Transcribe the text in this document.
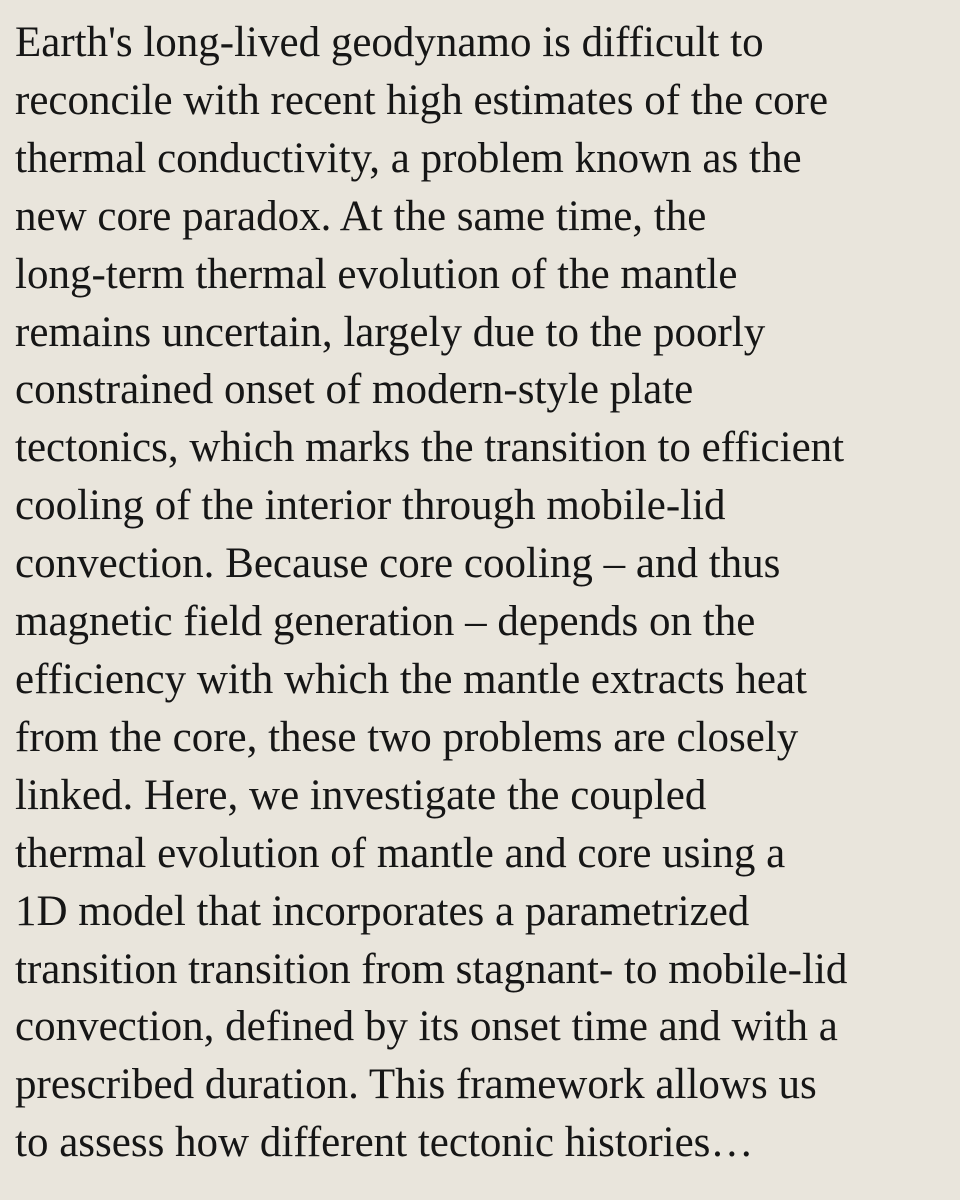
Earth's long-lived geodynamo is difficult to
reconcile with recent high estimates of the core
thermal conductivity, a problem known as the
new core paradox. At the same time, the
long-term thermal evolution of the mantle
remains uncertain, largely due to the poorly
constrained onset of modern-style plate
tectonics, which marks the transition to efficient
cooling of the interior through mobile-lid
convection. Because core cooling – and thus
magnetic field generation – depends on the
efficiency with which the mantle extracts heat
from the core, these two problems are closely
linked. Here, we investigate the coupled
thermal evolution of mantle and core using a
1D model that incorporates a parametrized
transition transition from stagnant- to mobile-lid
convection, defined by its onset time and with a
prescribed duration. This framework allows us
to assess how different tectonic histories…
